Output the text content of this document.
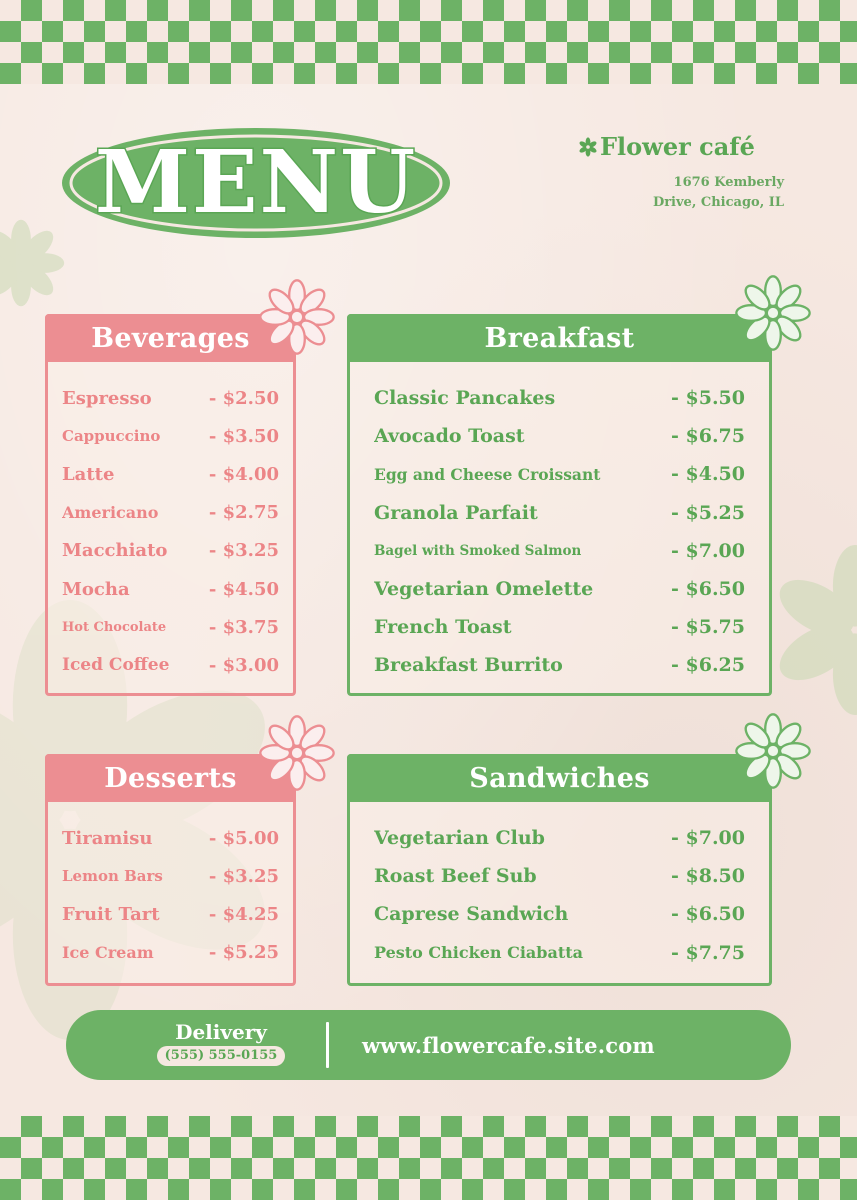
MENU	Flower café
1676 Kemberly
Drive, Chicago, IL
Beverages
Espresso	- $2.50
Cappuccino	- $3.50
Latte	- $4.00
Americano	- $2.75
Macchiato	- $3.25
Mocha	- $4.50
Hot Chocolate	- $3.75
Iced Coffee	- $3.00
Breakfast
Classic Pancakes	- $5.50
Avocado Toast	- $6.75
Egg and Cheese Croissant	- $4.50
Granola Parfait	- $5.25
Bagel with Smoked Salmon	- $7.00
Vegetarian Omelette	- $6.50
French Toast	- $5.75
Breakfast Burrito	- $6.25
Desserts
Tiramisu	- $5.00
Lemon Bars	- $3.25
Fruit Tart	- $4.25
Ice Cream	- $5.25
Sandwiches
Vegetarian Club	- $7.00
Roast Beef Sub	- $8.50
Caprese Sandwich	- $6.50
Pesto Chicken Ciabatta	- $7.75
Delivery
(555) 555-0155	www.flowercafe.site.com
